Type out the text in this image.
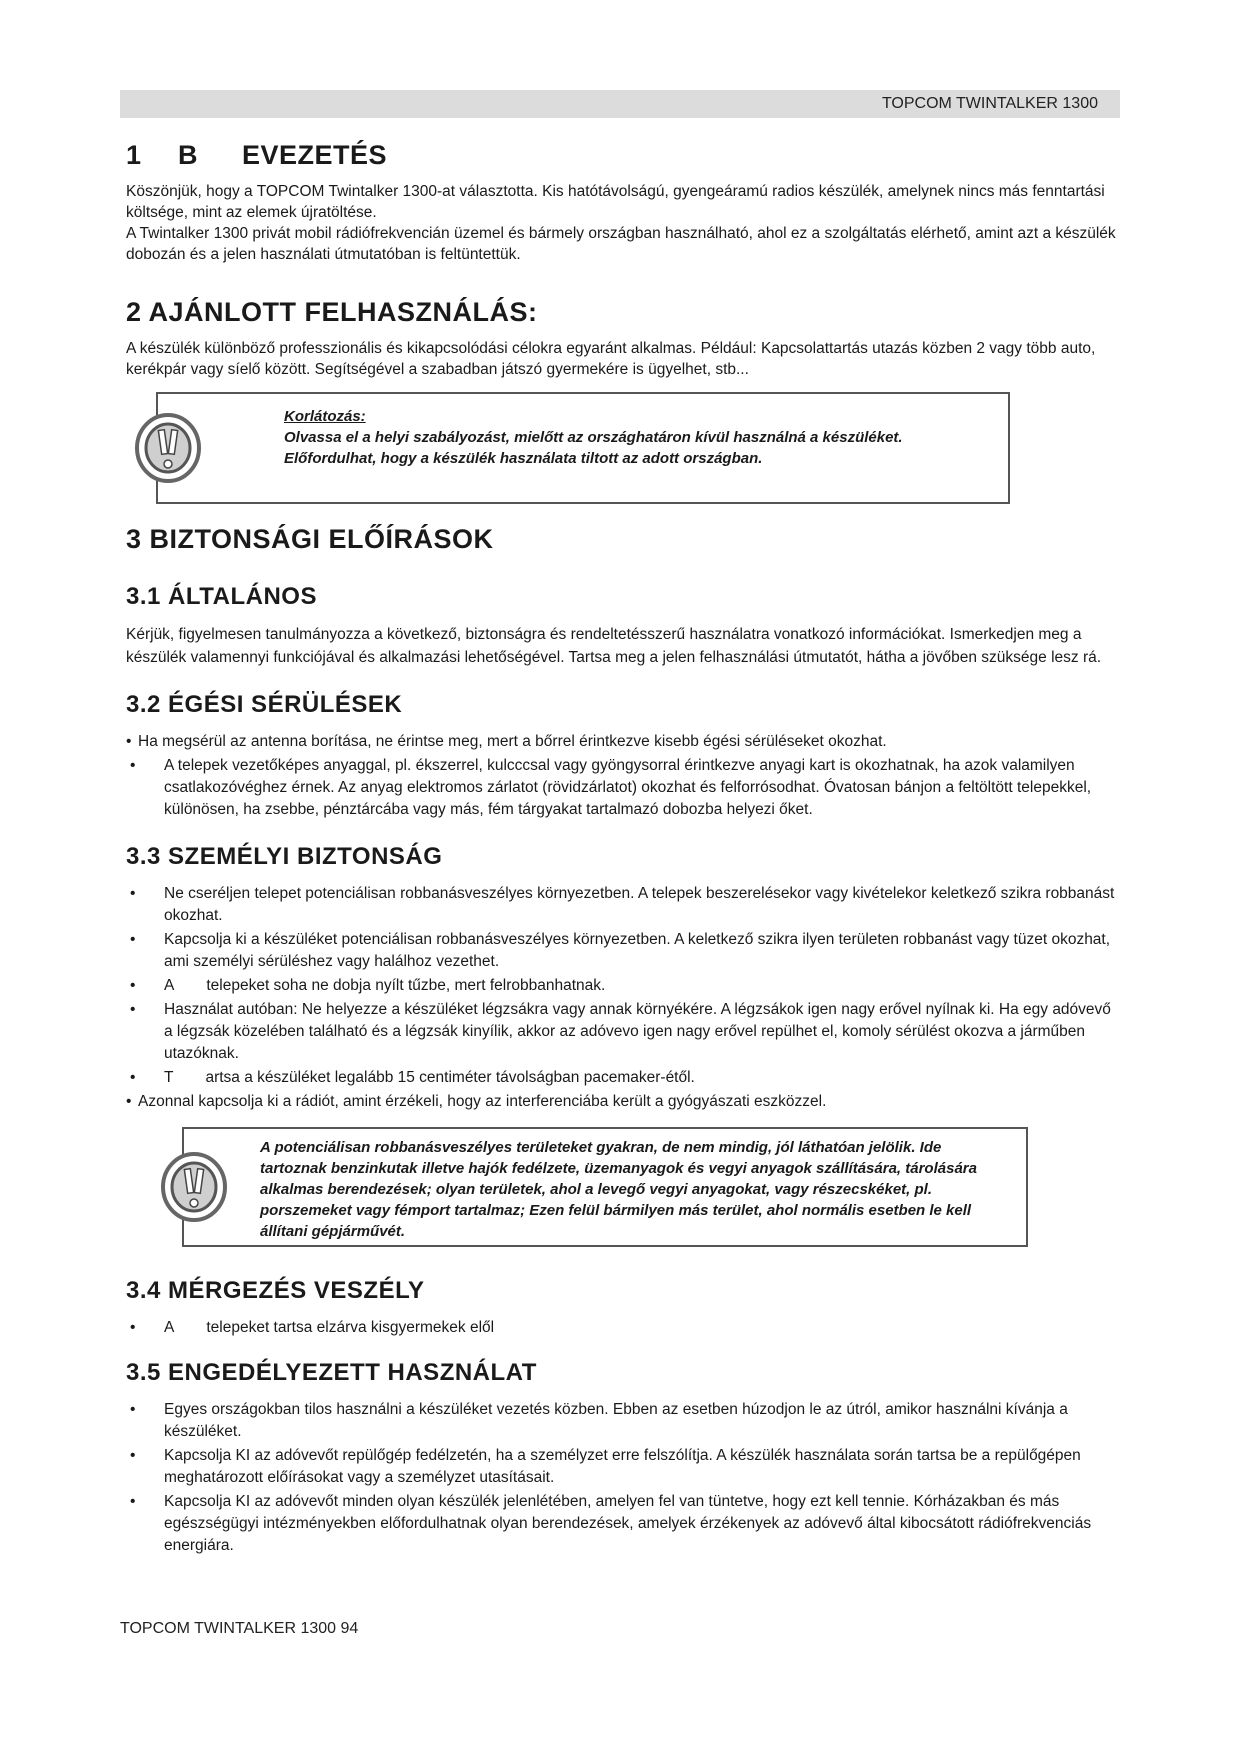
TOPCOM TWINTALKER 1300
1 B EVEZETÉS

Köszönjük, hogy a TOPCOM Twintalker 1300-at választotta. Kis hatótávolságú, gyengeáramú radios készülék, amelynek nincs más fenntartási költsége, mint az elemek újratöltése.

A Twintalker 1300 privát mobil rádiófrekvencián üzemel és bármely országban használható, ahol ez a szolgáltatás elérhető, amint azt a készülék dobozán és a jelen használati útmutatóban is feltüntettük.

2 AJÁNLOTT FELHASZNÁLÁS:

A készülék különböző professzionális és kikapcsolódási célokra egyaránt alkalmas. Például: Kapcsolattartás utazás közben 2 vagy több auto, kerékpár vagy síelő között. Segítségével a szabadban játszó gyermekére is ügyelhet, stb...

Korlátozás:
Olvassa el a helyi szabályozást, mielőtt az országhatáron kívül használná a készüléket.
Előfordulhat, hogy a készülék használata tiltott az adott országban.
3 BIZTONSÁGI ELŐÍRÁSOK
3.1 ÁLTALÁNOS

Kérjük, figyelmesen tanulmányozza a következő, biztonságra és rendeltetésszerű használatra vonatkozó információkat. Ismerkedjen meg a készülék valamennyi funkciójával és alkalmazási lehetőségével. Tartsa meg a jelen felhasználási útmutatót, hátha a jövőben szüksége lesz rá.

3.2 ÉGÉSI SÉRÜLÉSEK
• Ha megsérül az antenna borítása, ne érintse meg, mert a bőrrel érintkezve kisebb égési sérüléseket okozhat.
• A telepek vezetőképes anyaggal, pl. ékszerrel, kulcccsal vagy gyöngysorral érintkezve anyagi kart is okozhatnak, ha azok valamilyen csatlakozóvéghez érnek. Az anyag elektromos zárlatot (rövidzárlatot) okozhat és felforrósodhat. Óvatosan bánjon a feltöltött telepekkel, különösen, ha zsebbe, pénztárcába vagy más, fém tárgyakat tartalmazó dobozba helyezi őket.
3.3 SZEMÉLYI BIZTONSÁG
• Ne cseréljen telepet potenciálisan robbanásveszélyes környezetben. A telepek beszerelésekor vagy kivételekor keletkező szikra robbanást okozhat.
• Kapcsolja ki a készüléket potenciálisan robbanásveszélyes környezetben. A keletkező szikra ilyen területen robbanást vagy tüzet okozhat, ami személyi sérüléshez vagy halálhoz vezethet.
• A telepeket soha ne dobja nyílt tűzbe, mert felrobbanhatnak.
• Használat autóban: Ne helyezze a készüléket légzsákra vagy annak környékére. A légzsákok igen nagy erővel nyílnak ki. Ha egy adóvevő a légzsák közelében található és a légzsák kinyílik, akkor az adóvevo igen nagy erővel repülhet el, komoly sérülést okozva a járműben utazóknak.
• T artsa a készüléket legalább 15 centiméter távolságban pacemaker-étől.
• Azonnal kapcsolja ki a rádiót, amint érzékeli, hogy az interferenciába került a gyógyászati eszközzel.
A potenciálisan robbanásveszélyes területeket gyakran, de nem mindig, jól láthatóan jelölik. Ide tartoznak benzinkutak illetve hajók fedélzete, üzemanyagok és vegyi anyagok szállítására, tárolására alkalmas berendezések; olyan területek, ahol a levegő vegyi anyagokat, vagy részecskéket, pl. porszemeket vagy fémport tartalmaz; Ezen felül bármilyen más terület, ahol normális esetben le kell állítani gépjárművét.
3.4 MÉRGEZÉS VESZÉLY
• A telepeket tartsa elzárva kisgyermekek elől
3.5 ENGEDÉLYEZETT HASZNÁLAT
• Egyes országokban tilos használni a készüléket vezetés közben. Ebben az esetben húzodjon le az útról, amikor használni kívánja a készüléket.
• Kapcsolja KI az adóvevőt repülőgép fedélzetén, ha a személyzet erre felszólítja. A készülék használata során tartsa be a repülőgépen meghatározott előírásokat vagy a személyzet utasításait.
• Kapcsolja KI az adóvevőt minden olyan készülék jelenlétében, amelyen fel van tüntetve, hogy ezt kell tennie. Kórházakban és más egészségügyi intézményekben előfordulhatnak olyan berendezések, amelyek érzékenyek az adóvevő által kibocsátott rádiófrekvenciás energiára.
TOPCOM TWINTALKER 1300 94
